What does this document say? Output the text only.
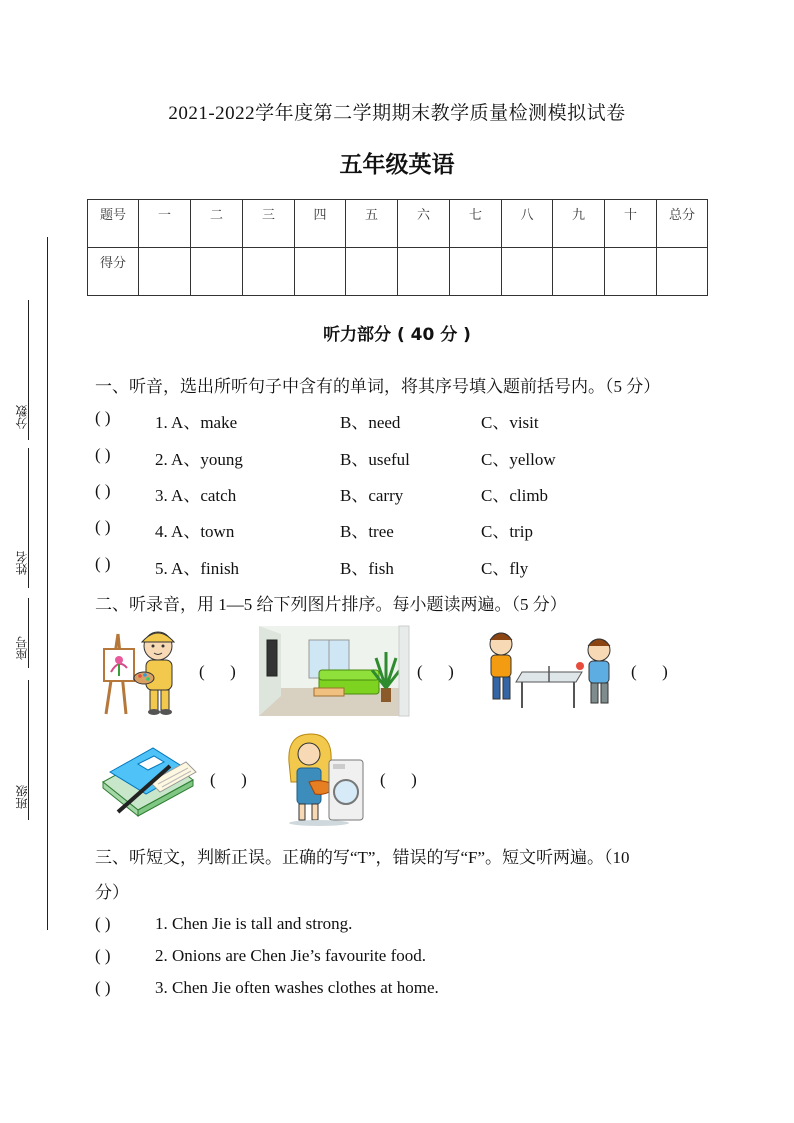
分数
姓名
座号
班级
2021-2022学年度第二学期期末教学质量检测模拟试卷
五年级英语
题号	一	二	三	四	五	六	七	八	九	十	总分
得分											
听力部分 ( 40 分 )
一、听音，选出所听句子中含有的单词，将其序号填入题前括号内。（5 分）
( )	1. A、make	B、need	C、visit
( )	2. A、young	B、useful	C、yellow
( )	3. A、catch	B、carry	C、climb
( )	4. A、town	B、tree	C、trip
( )	5. A、finish	B、fish	C、fly
二、听录音，用 1—5 给下列图片排序。每小题读两遍。（5 分）
(      )	(      )	(      )
(      )	(      )
三、听短文，判断正误。正确的写“T”，错误的写“F”。短文听两遍。（10
分）
( )	1. Chen Jie is tall and strong.
( )	2. Onions are Chen Jie’s favourite food.
( )	3. Chen Jie often washes clothes at home.
